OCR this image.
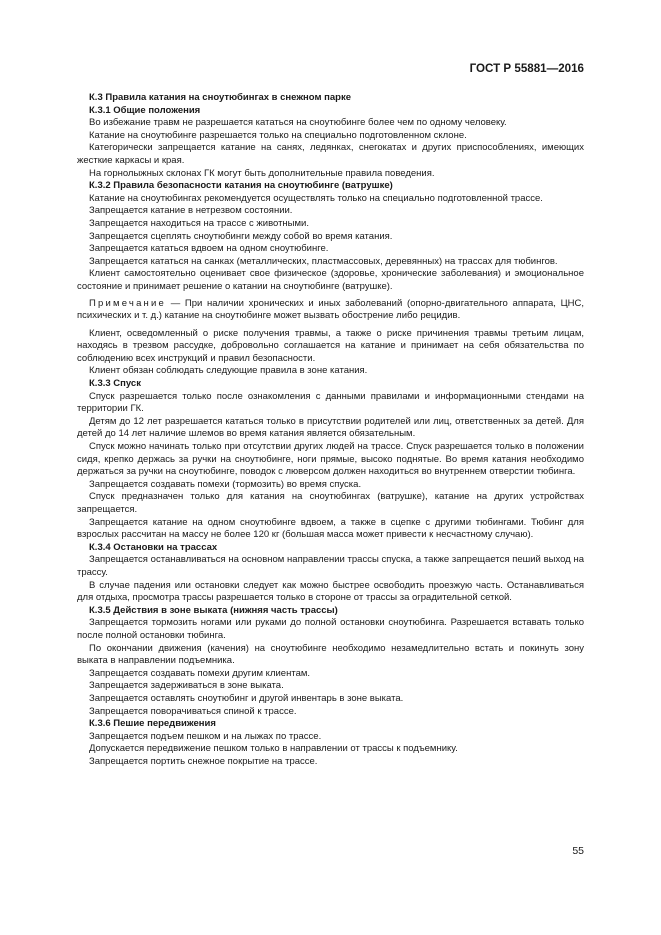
ГОСТ Р 55881—2016

К.3 Правила катания на сноутюбингах в снежном парке

К.3.1 Общие положения

Во избежание травм не разрешается кататься на сноутюбинге более чем по одному человеку.

Катание на сноутюбинге разрешается только на специально подготовленном склоне.

Категорически запрещается катание на санях, ледянках, снегокатах и других приспособлениях, имеющих жесткие каркасы и края.

На горнолыжных склонах ГК могут быть дополнительные правила поведения.

К.3.2 Правила безопасности катания на сноутюбинге (ватрушке)

Катание на сноутюбингах рекомендуется осуществлять только на специально подготовленной трассе.

Запрещается катание в нетрезвом состоянии.

Запрещается находиться на трассе с животными.

Запрещается сцеплять сноутюбинги между собой во время катания.

Запрещается кататься вдвоем на одном сноутюбинге.

Запрещается кататься на санках (металлических, пластмассовых, деревянных) на трассах для тюбингов.

Клиент самостоятельно оценивает свое физическое (здоровье, хронические заболевания) и эмоциональное состояние и принимает решение о катании на сноутюбинге (ватрушке).

Примечание — При наличии хронических и иных заболеваний (опорно-двигательного аппарата, ЦНС, психических и т. д.) катание на сноутюбинге может вызвать обострение либо рецидив.

Клиент, осведомленный о риске получения травмы, а также о риске причинения травмы третьим лицам, находясь в трезвом рассудке, добровольно соглашается на катание и принимает на себя обязательства по соблюдению всех инструкций и правил безопасности.

Клиент обязан соблюдать следующие правила в зоне катания.

К.3.3 Спуск

Спуск разрешается только после ознакомления с данными правилами и информационными стендами на территории ГК.

Детям до 12 лет разрешается кататься только в присутствии родителей или лиц, ответственных за детей. Для детей до 14 лет наличие шлемов во время катания является обязательным.

Спуск можно начинать только при отсутствии других людей на трассе. Спуск разрешается только в положении сидя, крепко держась за ручки на сноутюбинге, ноги прямые, высоко поднятые. Во время катания необходимо держаться за ручки на сноутюбинге, поводок с люверсом должен находиться во внутреннем отверстии тюбинга.

Запрещается создавать помехи (тормозить) во время спуска.

Спуск предназначен только для катания на сноутюбингах (ватрушке), катание на других устройствах запрещается.

Запрещается катание на одном сноутюбинге вдвоем, а также в сцепке с другими тюбингами. Тюбинг для взрослых рассчитан на массу не более 120 кг (большая масса может привести к несчастному случаю).

К.3.4 Остановки на трассах

Запрещается останавливаться на основном направлении трассы спуска, а также запрещается пеший выход на трассу.

В случае падения или остановки следует как можно быстрее освободить проезжую часть. Останавливаться для отдыха, просмотра трассы разрешается только в стороне от трассы за оградительной сеткой.

К.3.5 Действия в зоне выката (нижняя часть трассы)

Запрещается тормозить ногами или руками до полной остановки сноутюбинга. Разрешается вставать только после полной остановки тюбинга.

По окончании движения (качения) на сноутюбинге необходимо незамедлительно встать и покинуть зону выката в направлении подъемника.

Запрещается создавать помехи другим клиентам.

Запрещается задерживаться в зоне выката.

Запрещается оставлять сноутюбинг и другой инвентарь в зоне выката.

Запрещается поворачиваться спиной к трассе.

К.3.6 Пешие передвижения

Запрещается подъем пешком и на лыжах по трассе.

Допускается передвижение пешком только в направлении от трассы к подъемнику.

Запрещается портить снежное покрытие на трассе.

55
